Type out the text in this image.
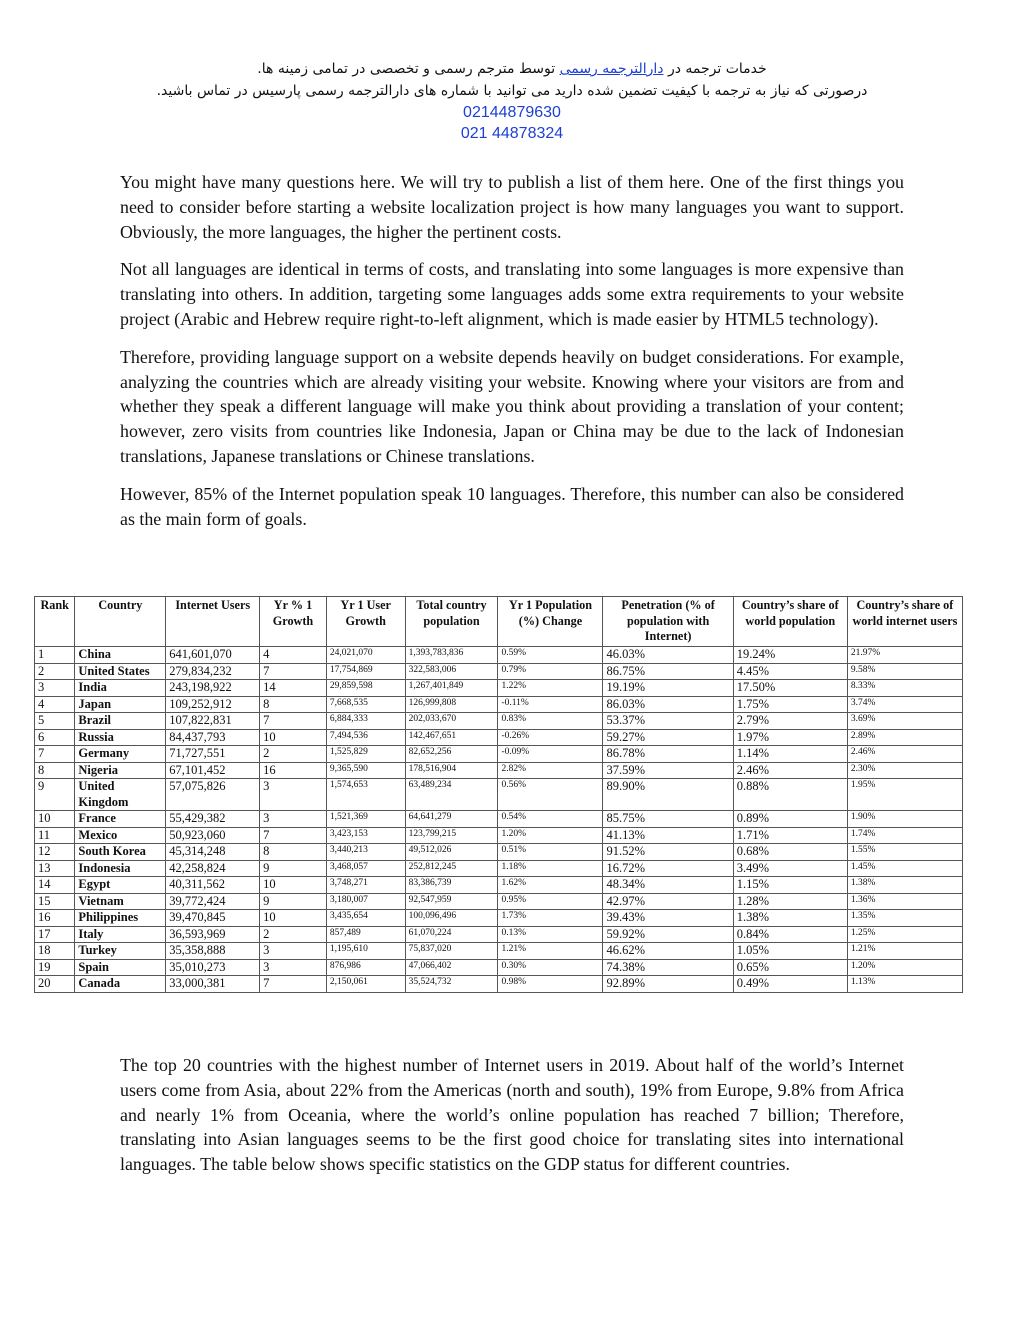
خدمات ترجمه در دارالترجمه رسمی توسط مترجم رسمی و تخصصی در تمامی زمینه ها.
درصورتی که نیاز به ترجمه با کیفیت تضمین شده دارید می توانید با شماره های دارالترجمه رسمی پارسیس در تماس باشید.
02144879630
021 44878324

You might have many questions here. We will try to publish a list of them here. One of the first things you need to consider before starting a website localization project is how many languages you want to support. Obviously, the more languages, the higher the pertinent costs.

Not all languages are identical in terms of costs, and translating into some languages is more expensive than translating into others. In addition, targeting some languages adds some extra requirements to your website project (Arabic and Hebrew require right-to-left alignment, which is made easier by HTML5 technology).

Therefore, providing language support on a website depends heavily on budget considerations. For example, analyzing the countries which are already visiting your website. Knowing where your visitors are from and whether they speak a different language will make you think about providing a translation of your content; however, zero visits from countries like Indonesia, Japan or China may be due to the lack of Indonesian translations, Japanese translations or Chinese translations.

However, 85% of the Internet population speak 10 languages. Therefore, this number can also be considered as the main form of goals.

Rank	Country	Internet Users	Yr % 1 Growth	Yr 1 User Growth	Total country population	Yr 1 Population (%) Change	Penetration (% of population with Internet)	Country’s share of world population	Country’s share of world internet users
1	China	641,601,070	4	24,021,070	1,393,783,836	0.59%	46.03%	19.24%	21.97%
2	United States	279,834,232	7	17,754,869	322,583,006	0.79%	86.75%	4.45%	9.58%
3	India	243,198,922	14	29,859,598	1,267,401,849	1.22%	19.19%	17.50%	8.33%
4	Japan	109,252,912	8	7,668,535	126,999,808	-0.11%	86.03%	1.75%	3.74%
5	Brazil	107,822,831	7	6,884,333	202,033,670	0.83%	53.37%	2.79%	3.69%
6	Russia	84,437,793	10	7,494,536	142,467,651	-0.26%	59.27%	1.97%	2.89%
7	Germany	71,727,551	2	1,525,829	82,652,256	-0.09%	86.78%	1.14%	2.46%
8	Nigeria	67,101,452	16	9,365,590	178,516,904	2.82%	37.59%	2.46%	2.30%
9	United Kingdom	57,075,826	3	1,574,653	63,489,234	0.56%	89.90%	0.88%	1.95%
10	France	55,429,382	3	1,521,369	64,641,279	0.54%	85.75%	0.89%	1.90%
11	Mexico	50,923,060	7	3,423,153	123,799,215	1.20%	41.13%	1.71%	1.74%
12	South Korea	45,314,248	8	3,440,213	49,512,026	0.51%	91.52%	0.68%	1.55%
13	Indonesia	42,258,824	9	3,468,057	252,812,245	1.18%	16.72%	3.49%	1.45%
14	Egypt	40,311,562	10	3,748,271	83,386,739	1.62%	48.34%	1.15%	1.38%
15	Vietnam	39,772,424	9	3,180,007	92,547,959	0.95%	42.97%	1.28%	1.36%
16	Philippines	39,470,845	10	3,435,654	100,096,496	1.73%	39.43%	1.38%	1.35%
17	Italy	36,593,969	2	857,489	61,070,224	0.13%	59.92%	0.84%	1.25%
18	Turkey	35,358,888	3	1,195,610	75,837,020	1.21%	46.62%	1.05%	1.21%
19	Spain	35,010,273	3	876,986	47,066,402	0.30%	74.38%	0.65%	1.20%
20	Canada	33,000,381	7	2,150,061	35,524,732	0.98%	92.89%	0.49%	1.13%

The top 20 countries with the highest number of Internet users in 2019. About half of the world’s Internet users come from Asia, about 22% from the Americas (north and south), 19% from Europe, 9.8% from Africa and nearly 1% from Oceania, where the world’s online population has reached 7 billion; Therefore, translating into Asian languages seems to be the first good choice for translating sites into international languages. The table below shows specific statistics on the GDP status for different countries.
